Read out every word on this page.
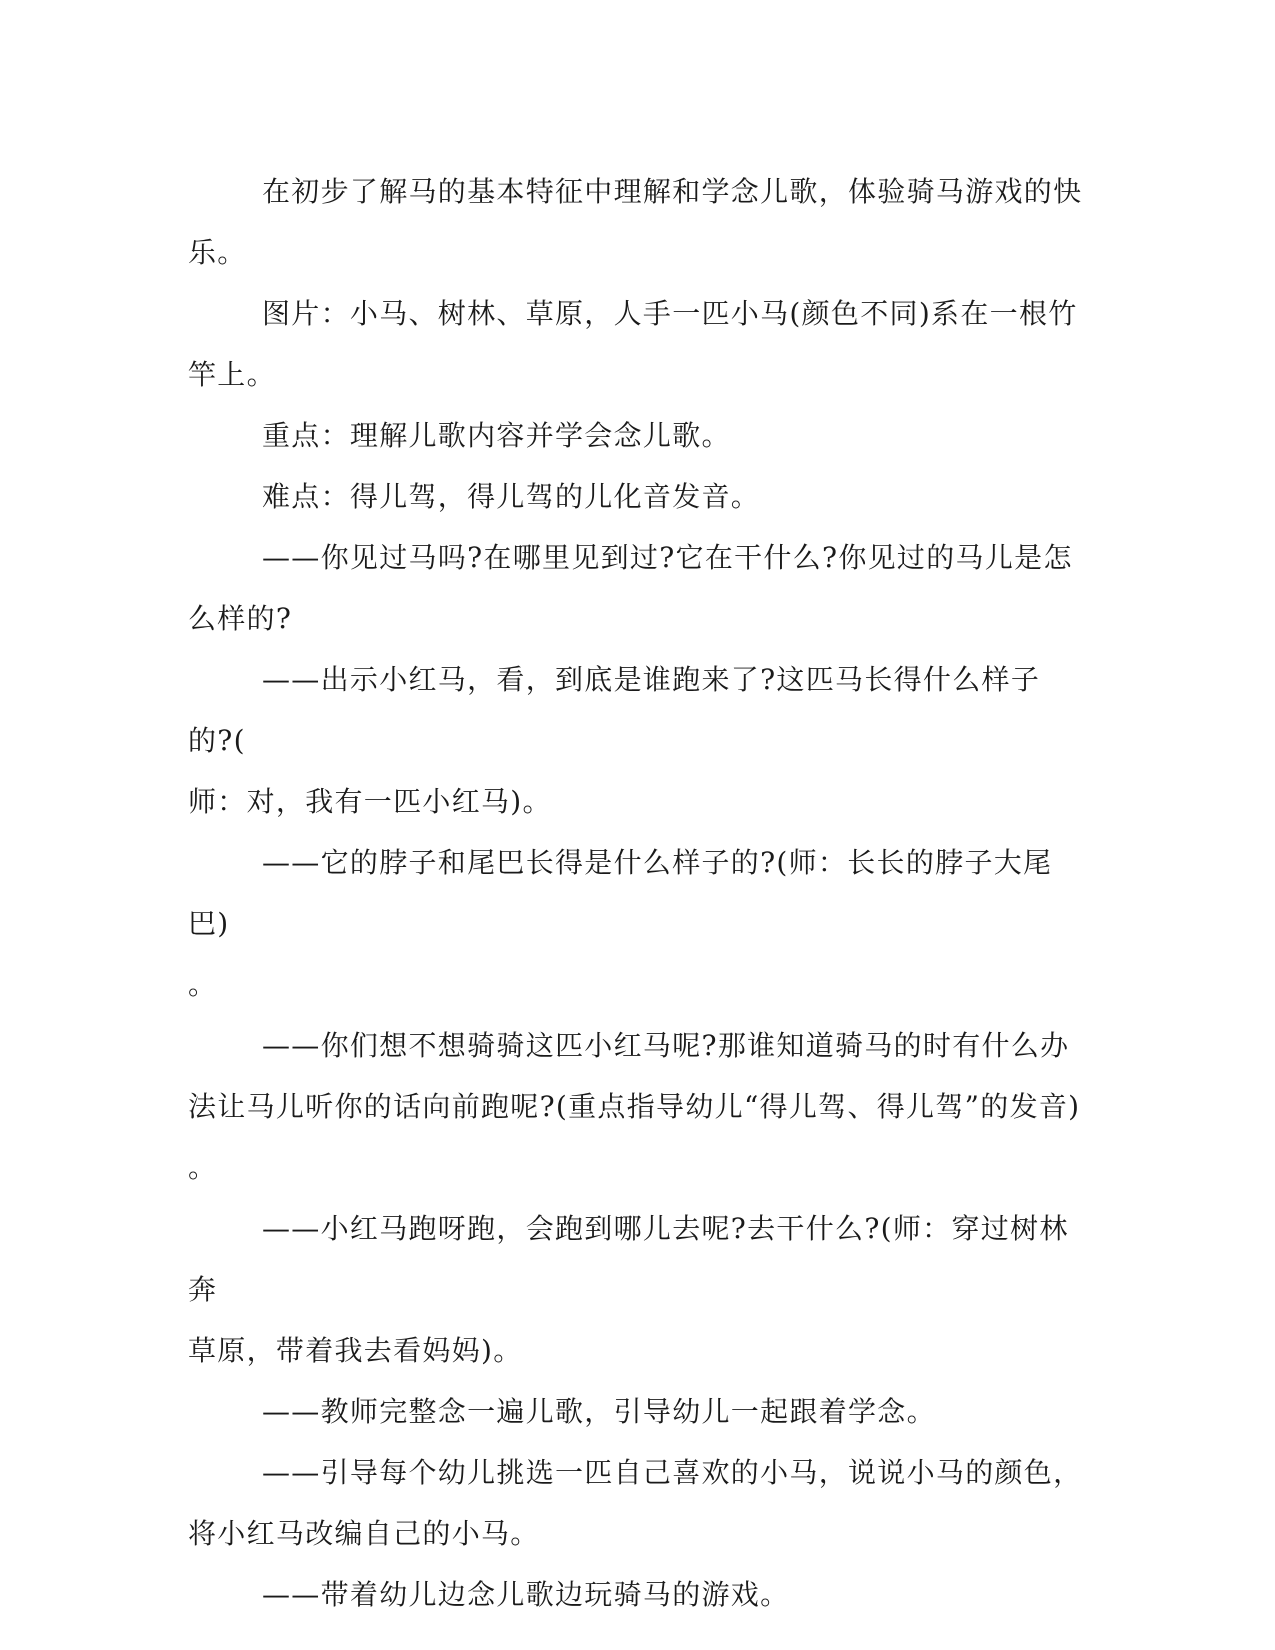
在初步了解马的基本特征中理解和学念儿歌，体验骑马游戏的快
乐。

图片：小马、树林、草原，人手一匹小马(颜色不同)系在一根竹
竿上。

重点：理解儿歌内容并学会念儿歌。

难点：得儿驾，得儿驾的儿化音发音。

——你见过马吗?在哪里见到过?它在干什么?你见过的马儿是怎
么样的?

——出示小红马，看，到底是谁跑来了?这匹马长得什么样子的?(
师：对，我有一匹小红马)。

——它的脖子和尾巴长得是什么样子的?(师：长长的脖子大尾巴)
。

——你们想不想骑骑这匹小红马呢?那谁知道骑马的时有什么办
法让马儿听你的话向前跑呢?(重点指导幼儿“得儿驾、得儿驾”的发音)
。

——小红马跑呀跑，会跑到哪儿去呢?去干什么?(师：穿过树林奔
草原，带着我去看妈妈)。

——教师完整念一遍儿歌，引导幼儿一起跟着学念。

——引导每个幼儿挑选一匹自己喜欢的小马，说说小马的颜色，
将小红马改编自己的小马。

——带着幼儿边念儿歌边玩骑马的游戏。
